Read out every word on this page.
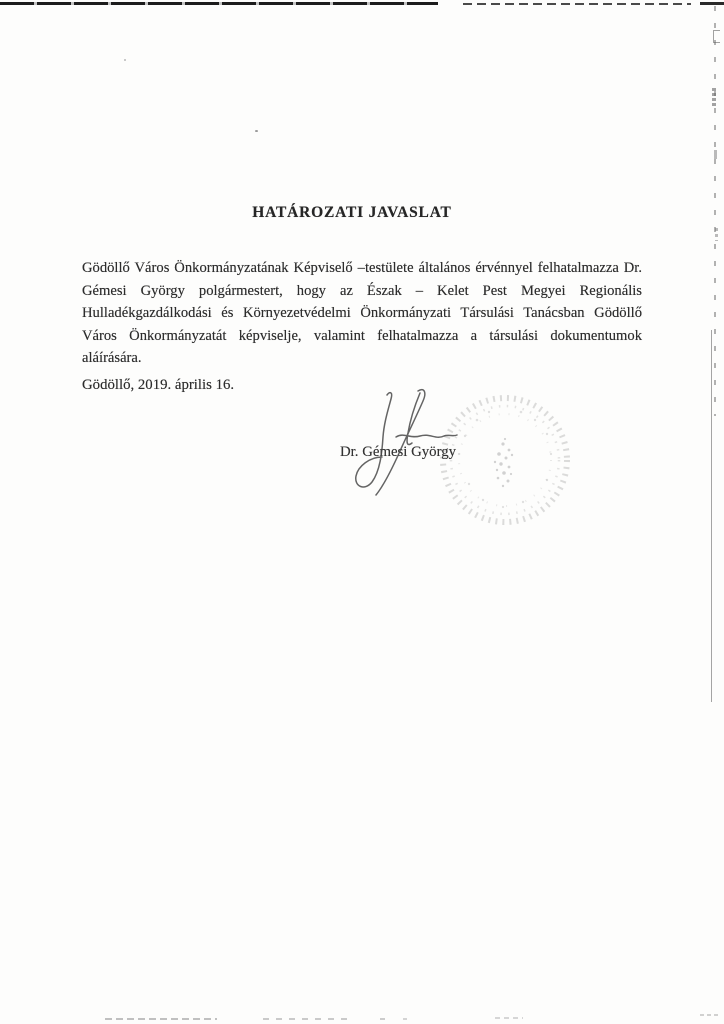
HATÁROZATI JAVASLAT
Gödöllő Város Önkormányzatának Képviselő –testülete általános érvénnyel felhatalmazza Dr.
Gémesi György polgármestert, hogy az Észak – Kelet Pest Megyei Regionális
Hulladékgazdálkodási és Környezetvédelmi Önkormányzati Társulási Tanácsban Gödöllő
Város Önkormányzatát képviselje, valamint felhatalmazza a társulási dokumentumok
aláírására.
Gödöllő, 2019. április 16.
Dr. Gémesi György
